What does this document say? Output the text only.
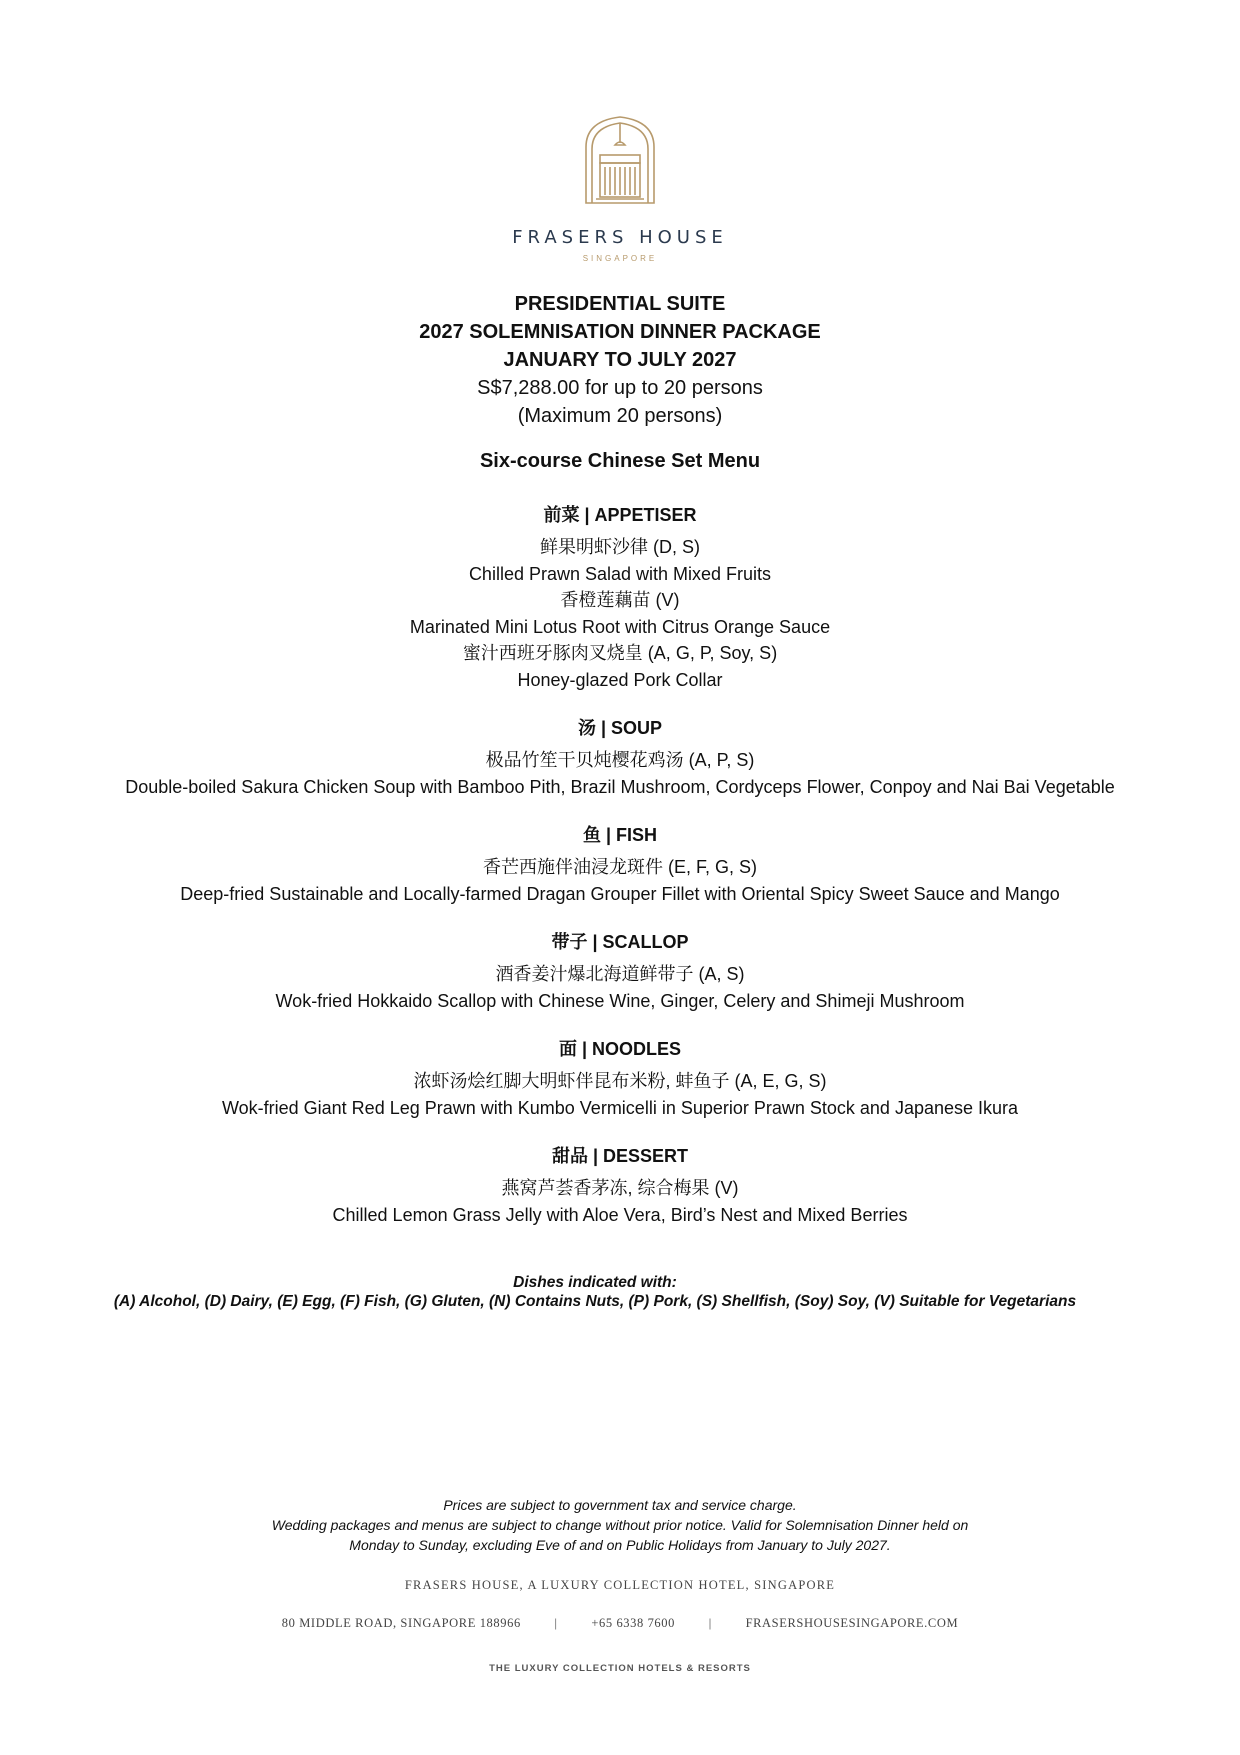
FRASERS HOUSE
SINGAPORE
PRESIDENTIAL SUITE
2027 SOLEMNISATION DINNER PACKAGE
JANUARY TO JULY 2027
S$7,288.00 for up to 20 persons
(Maximum 20 persons)
Six-course Chinese Set Menu
前菜 | APPETISER
鲜果明虾沙律 (D, S)
Chilled Prawn Salad with Mixed Fruits
香橙莲藕苗 (V)
Marinated Mini Lotus Root with Citrus Orange Sauce
蜜汁西班牙豚肉叉烧皇 (A, G, P, Soy, S)
Honey-glazed Pork Collar
汤 | SOUP
极品竹笙干贝炖樱花鸡汤 (A, P, S)
Double-boiled Sakura Chicken Soup with Bamboo Pith, Brazil Mushroom, Cordyceps Flower, Conpoy and Nai Bai Vegetable
鱼 | FISH
香芒西施伴油浸龙斑件 (E, F, G, S)
Deep-fried Sustainable and Locally-farmed Dragan Grouper Fillet with Oriental Spicy Sweet Sauce and Mango
带子 | SCALLOP
酒香姜汁爆北海道鲜带子 (A, S)
Wok-fried Hokkaido Scallop with Chinese Wine, Ginger, Celery and Shimeji Mushroom
面 | NOODLES
浓虾汤烩红脚大明虾伴昆布米粉, 蚌鱼子 (A, E, G, S)
Wok-fried Giant Red Leg Prawn with Kumbo Vermicelli in Superior Prawn Stock and Japanese Ikura
甜品 | DESSERT
燕窝芦荟香茅冻, 综合梅果 (V)
Chilled Lemon Grass Jelly with Aloe Vera, Bird’s Nest and Mixed Berries
Dishes indicated with:
(A) Alcohol, (D) Dairy, (E) Egg, (F) Fish, (G) Gluten, (N) Contains Nuts, (P) Pork, (S) Shellfish, (Soy) Soy, (V) Suitable for Vegetarians
Prices are subject to government tax and service charge.
Wedding packages and menus are subject to change without prior notice. Valid for Solemnisation Dinner held on
Monday to Sunday, excluding Eve of and on Public Holidays from January to July 2027.
FRASERS HOUSE, A LUXURY COLLECTION HOTEL, SINGAPORE
80 MIDDLE ROAD, SINGAPORE 188966	|	+65 6338 7600	|	FRASERSHOUSESINGAPORE.COM
THE LUXURY COLLECTION HOTELS & RESORTS
